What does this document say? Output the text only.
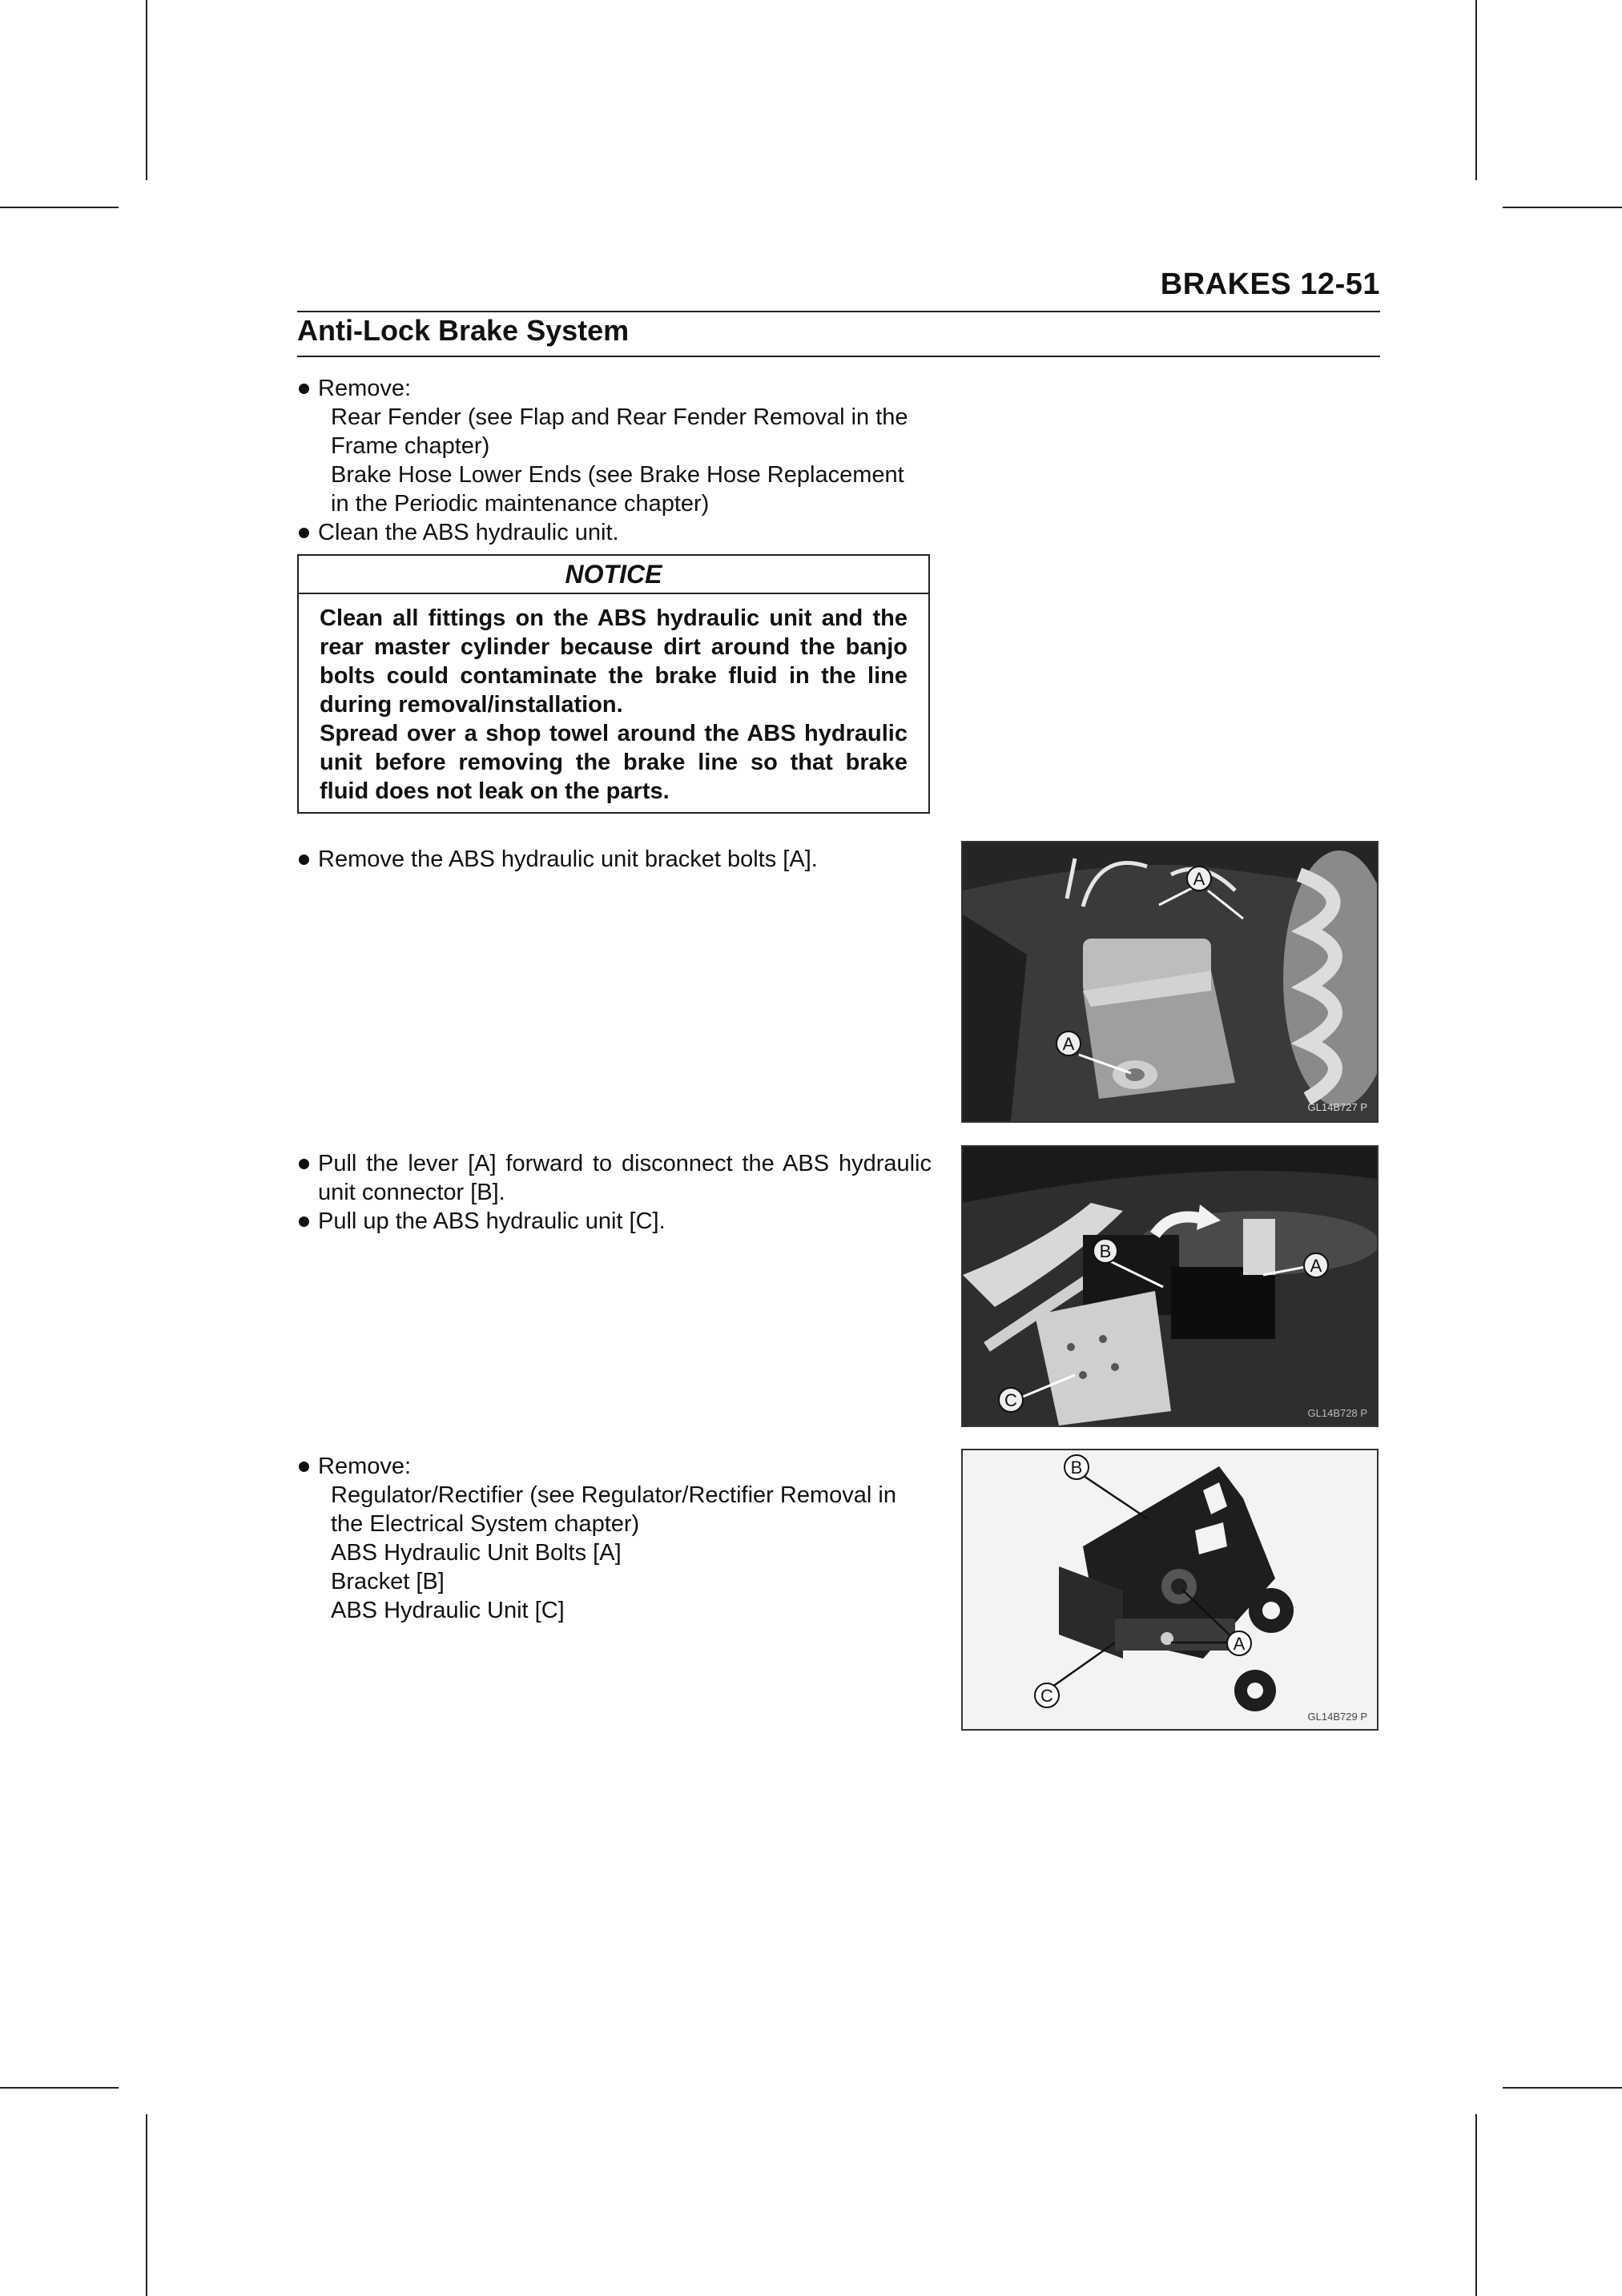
BRAKES 12-51
Anti-Lock Brake System
Remove:
Rear Fender (see Flap and Rear Fender Removal in the
Frame chapter)
Brake Hose Lower Ends (see Brake Hose Replacement
in the Periodic maintenance chapter)
Clean the ABS hydraulic unit.
NOTICE
Clean all fittings on the ABS hydraulic unit and the rear master cylinder because dirt around the banjo bolts could contaminate the brake fluid in the line during removal/installation.
Spread over a shop towel around the ABS hydraulic unit before removing the brake line so that brake fluid does not leak on the parts.
Remove the ABS hydraulic unit bracket bolts [A].
Pull the lever [A] forward to disconnect the ABS hydraulic unit connector [B].
Pull up the ABS hydraulic unit [C].
Remove:
Regulator/Rectifier (see Regulator/Rectifier Removal in
the Electrical System chapter)
ABS Hydraulic Unit Bolts [A]
Bracket [B]
ABS Hydraulic Unit [C]
A
A
GL14B727 P
B
A
C
GL14B728 P
B
A
C
GL14B729 P
